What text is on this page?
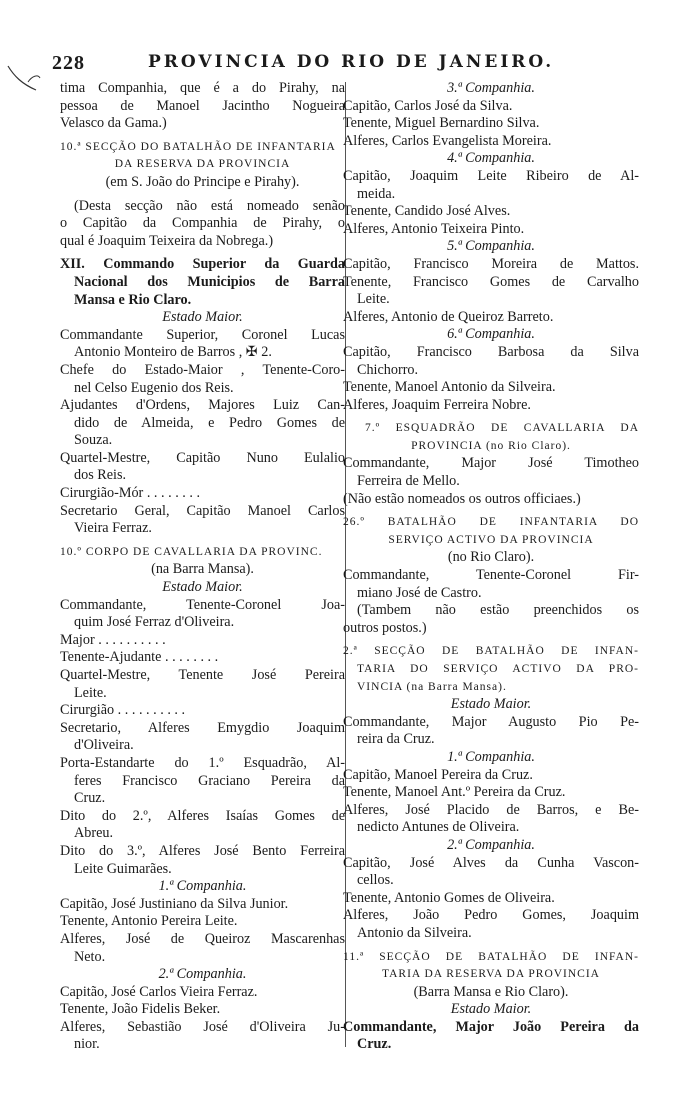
228	PROVINCIA DO RIO DE JANEIRO.
tima Companhia, que é a do Pirahy, na
pessoa de Manoel Jacintho Nogueira
Velasco da Gama.)
10.ª SECÇÃO DO BATALHÃO DE INFANTARIA
DA RESERVA DA PROVINCIA
(em S. João do Principe e Pirahy).
(Desta secção não está nomeado senão
o Capitão da Companhia de Pirahy, o
qual é Joaquim Teixeira da Nobrega.)
XII. Commando Superior da Guarda
Nacional dos Municipios de Barra
Mansa e Rio Claro.
Estado Maior.
Commandante Superior, Coronel Lucas
Antonio Monteiro de Barros , ✠ 2.
Chefe do Estado-Maior , Tenente-Coro-
nel Celso Eugenio dos Reis.
Ajudantes d'Ordens, Majores Luiz Can-
dido de Almeida, e Pedro Gomes de
Souza.
Quartel-Mestre, Capitão Nuno Eulalio
dos Reis.
Cirurgião-Mór . . . . . . . .
Secretario Geral, Capitão Manoel Carlos
Vieira Ferraz.
10.º CORPO DE CAVALLARIA DA PROVINC.
(na Barra Mansa).
Estado Maior.
Commandante, Tenente-Coronel Joa-
quim José Ferraz d'Oliveira.
Major . . . . . . . . . .
Tenente-Ajudante . . . . . . . .
Quartel-Mestre, Tenente José Pereira
Leite.
Cirurgião . . . . . . . . . .
Secretario, Alferes Emygdio Joaquim
d'Oliveira.
Porta-Estandarte do 1.º Esquadrão, Al-
feres Francisco Graciano Pereira da
Cruz.
Dito do 2.º, Alferes Isaías Gomes de
Abreu.
Dito do 3.º, Alferes José Bento Ferreira
Leite Guimarães.
1.ª Companhia.
Capitão, José Justiniano da Silva Junior.
Tenente, Antonio Pereira Leite.
Alferes, José de Queiroz Mascarenhas
Neto.
2.ª Companhia.
Capitão, José Carlos Vieira Ferraz.
Tenente, João Fidelis Beker.
Alferes, Sebastião José d'Oliveira Ju-
nior.
3.ª Companhia.
Capitão, Carlos José da Silva.
Tenente, Miguel Bernardino Silva.
Alferes, Carlos Evangelista Moreira.
4.ª Companhia.
Capitão, Joaquim Leite Ribeiro de Al-
meida.
Tenente, Candido José Alves.
Alferes, Antonio Teixeira Pinto.
5.ª Companhia.
Capitão, Francisco Moreira de Mattos.
Tenente, Francisco Gomes de Carvalho
Leite.
Alferes, Antonio de Queiroz Barreto.
6.ª Companhia.
Capitão, Francisco Barbosa da Silva
Chichorro.
Tenente, Manoel Antonio da Silveira.
Alferes, Joaquim Ferreira Nobre.
7.º ESQUADRÃO DE CAVALLARIA DA
PROVINCIA (no Rio Claro).
Commandante, Major José Timotheo
Ferreira de Mello.
(Não estão nomeados os outros officiaes.)
26.º BATALHÃO DE INFANTARIA DO
SERVIÇO ACTIVO DA PROVINCIA
(no Rio Claro).
Commandante, Tenente-Coronel Fir-
miano José de Castro.
(Tambem não estão preenchidos os
outros postos.)
2.ª SECÇÃO DE BATALHÃO DE INFAN-
TARIA DO SERVIÇO ACTIVO DA PRO-
VINCIA (na Barra Mansa).
Estado Maior.
Commandante, Major Augusto Pio Pe-
reira da Cruz.
1.ª Companhia.
Capitão, Manoel Pereira da Cruz.
Tenente, Manoel Ant.º Pereira da Cruz.
Alferes, José Placido de Barros, e Be-
nedicto Antunes de Oliveira.
2.ª Companhia.
Capitão, José Alves da Cunha Vascon-
cellos.
Tenente, Antonio Gomes de Oliveira.
Alferes, João Pedro Gomes, Joaquim
Antonio da Silveira.
11.ª SECÇÃO DE BATALHÃO DE INFAN-
TARIA DA RESERVA DA PROVINCIA
(Barra Mansa e Rio Claro).
Estado Maior.
Commandante, Major João Pereira da
Cruz.
